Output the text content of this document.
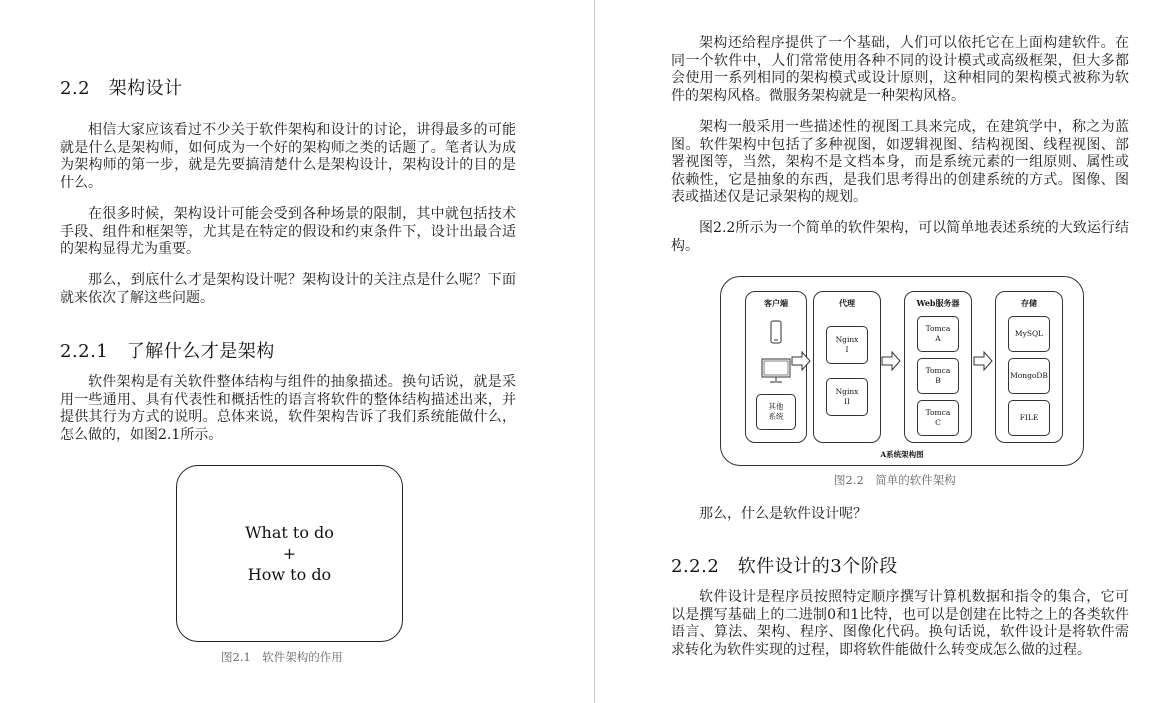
2.2　架构设计

相信大家应该看过不少关于软件架构和设计的讨论，讲得最多的可能就是什么是架构师，如何成为一个好的架构师之类的话题了。笔者认为成为架构师的第一步，就是先要搞清楚什么是架构设计，架构设计的目的是什么。

在很多时候，架构设计可能会受到各种场景的限制，其中就包括技术手段、组件和框架等，尤其是在特定的假设和约束条件下，设计出最合适的架构显得尤为重要。

那么，到底什么才是架构设计呢？架构设计的关注点是什么呢？下面就来依次了解这些问题。

2.2.1　了解什么才是架构

软件架构是有关软件整体结构与组件的抽象描述。换句话说，就是采用一些通用、具有代表性和概括性的语言将软件的整体结构描述出来，并提供其行为方式的说明。总体来说，软件架构告诉了我们系统能做什么，怎么做的，如图2.1所示。

What to do
+
How to do
图2.1　软件架构的作用

架构还给程序提供了一个基础，人们可以依托它在上面构建软件。在同一个软件中，人们常常使用各种不同的设计模式或高级框架，但大多都会使用一系列相同的架构模式或设计原则，这种相同的架构模式被称为软件的架构风格。微服务架构就是一种架构风格。

架构一般采用一些描述性的视图工具来完成，在建筑学中，称之为蓝图。软件架构中包括了多种视图，如逻辑视图、结构视图、线程视图、部署视图等，当然，架构不是文档本身，而是系统元素的一组原则、属性或依赖性，它是抽象的东西，是我们思考得出的创建系统的方式。图像、图表或描述仅是记录架构的规划。

图2.2所示为一个简单的软件架构，可以简单地表述系统的大致运行结构。

客户端
其他
系统
代理
Nginx
I
Nginx
II
Web服务器
Tomca
A
Tomca
B
Tomca
C
存储
MySQL
MongoDB
FILE
A系统架构图
图2.2　简单的软件架构

那么，什么是软件设计呢？

2.2.2　软件设计的3个阶段

软件设计是程序员按照特定顺序撰写计算机数据和指令的集合，它可以是撰写基础上的二进制0和1比特，也可以是创建在比特之上的各类软件语言、算法、架构、程序、图像化代码。换句话说，软件设计是将软件需求转化为软件实现的过程，即将软件能做什么转变成怎么做的过程。
